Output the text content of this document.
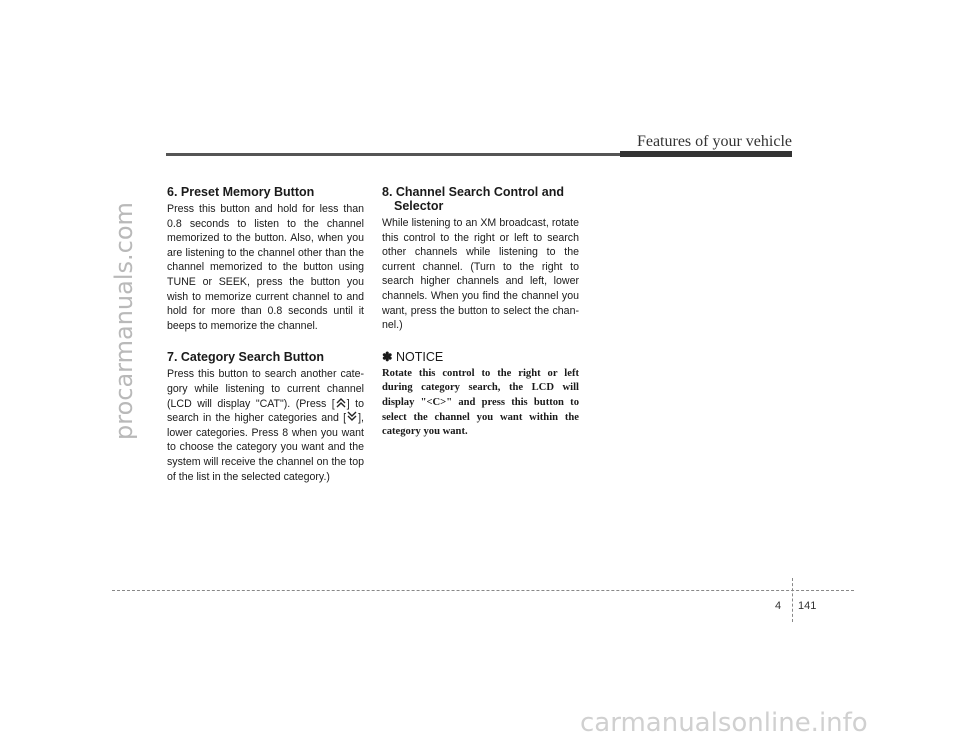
procarmanuals.com
carmanualsonline.info
Features of your vehicle
6. Preset Memory Button

Press this button and hold for less than 0.8 seconds to listen to the channel memorized to the button. Also, when you are listening to the channel other than the channel memorized to the button using TUNE or SEEK, press the button you wish to memorize current channel to and hold for more than 0.8 seconds until it beeps to memorize the channel.

7. Category Search Button

Press this button to search another cate-gory while listening to current channel (LCD will display "CAT"). (Press [ ] to search in the higher categories and [ ], lower categories. Press 8 when you want to choose the category you want and the system will receive the channel on the top of the list in the selected category.)

8. Channel Search Control and Selector

While listening to an XM broadcast, rotate this control to the right or left to search other channels while listening to the current channel. (Turn to the right to search higher channels and left, lower channels. When you find the channel you want, press the button to select the chan-nel.)

✽ NOTICE

Rotate this control to the right or left during category search, the LCD will display "<C>" and press this button to select the channel you want within the category you want.

4 141
